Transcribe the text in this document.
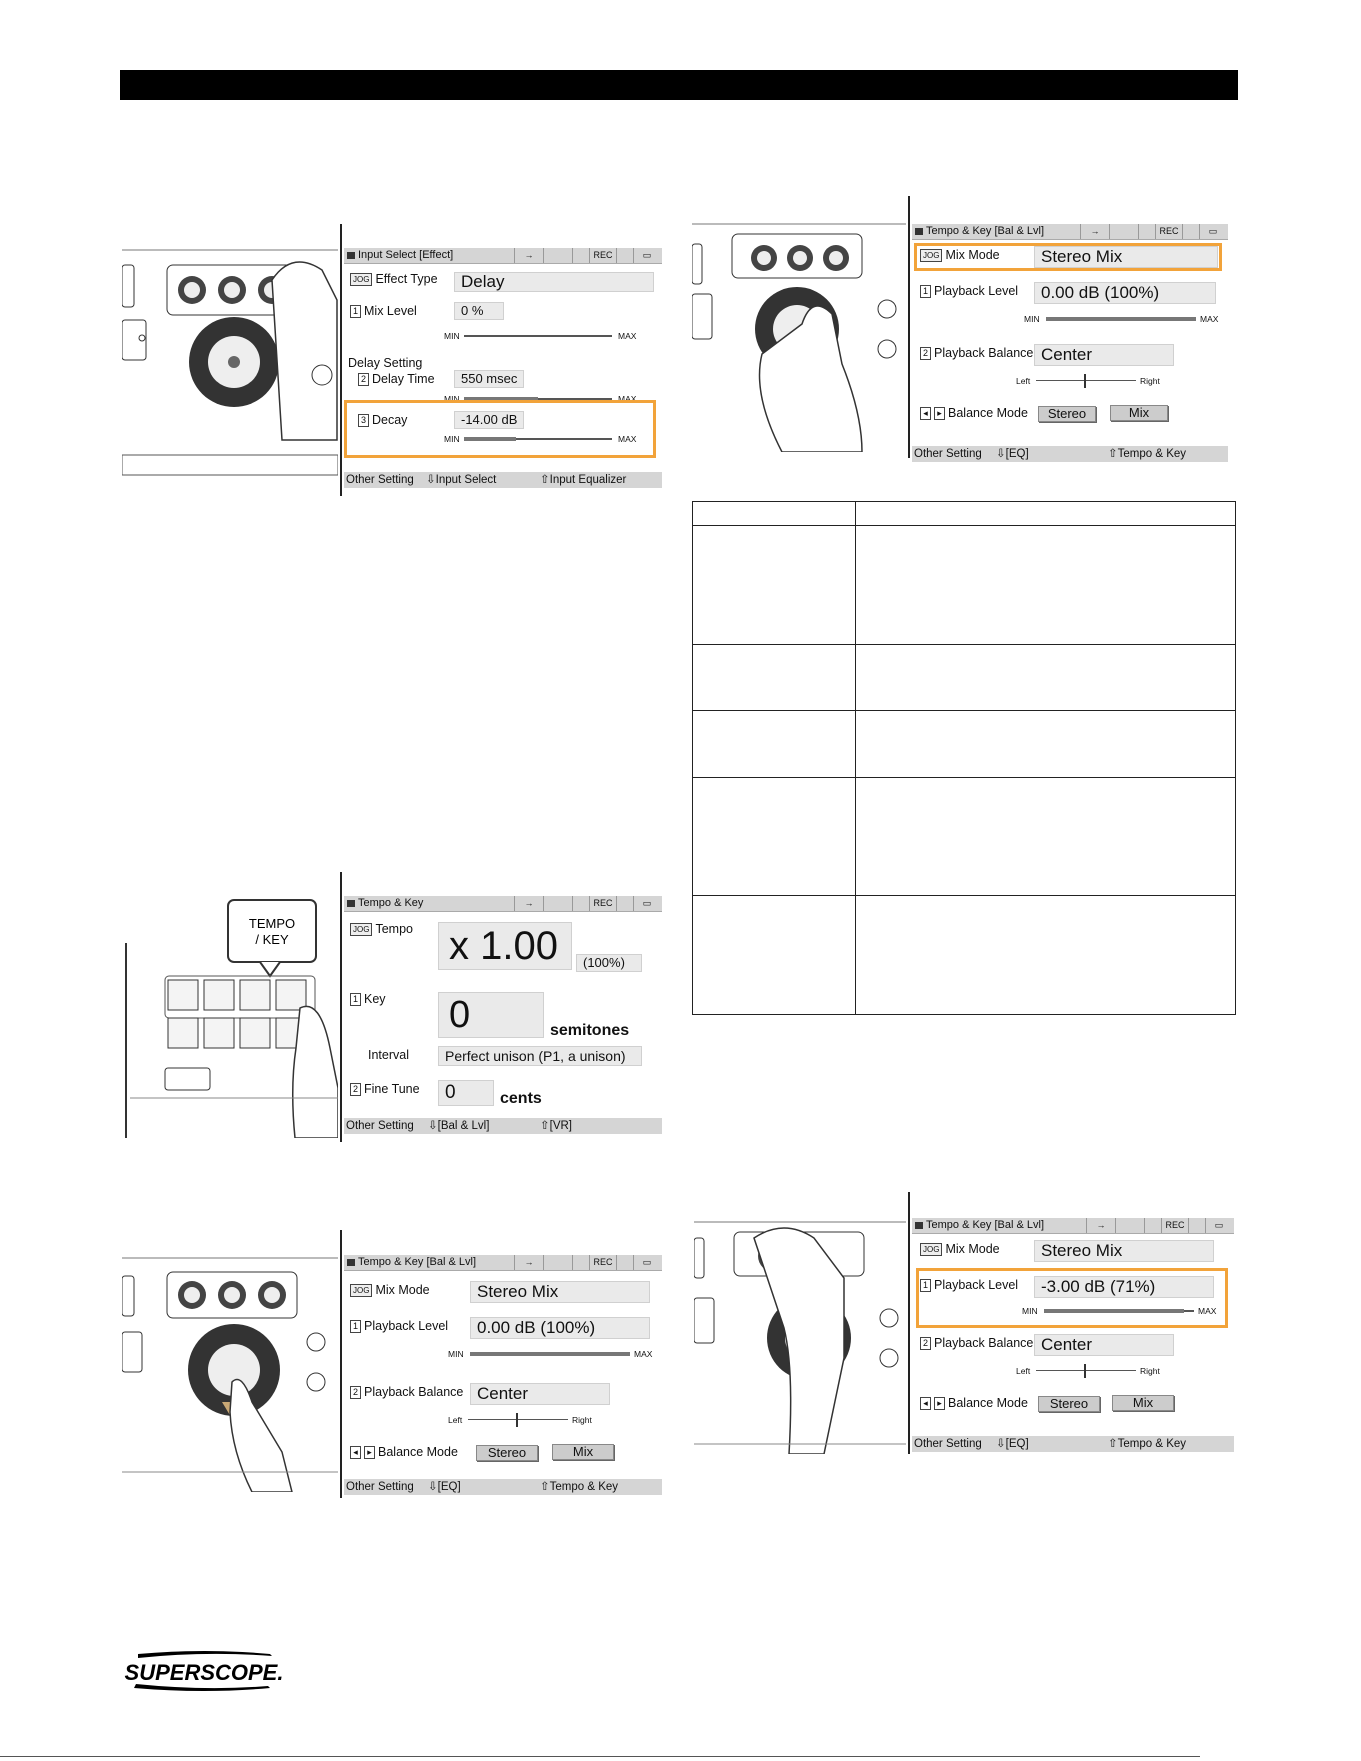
Input Select [Effect]	→	REC	▭
JOG Effect Type	Delay
1 Mix Level	0 %
MIN	MAX
Delay Setting
2 Delay Time	550 msec
MIN	MAX
3 Decay	-14.00 dB
MIN	MAX
Other Setting ⇩Input Select	⇧Input Equalizer
Tempo & Key [Bal & Lvl]	→	REC	▭
JOG Mix Mode	Stereo Mix
1 Playback Level	0.00 dB (100%)
MIN	MAX
2 Playback Balance Center
Left	Right
◂ ▸ Balance Mode	Stereo	Mix
Other Setting ⇩[EQ]	⇧Tempo & Key

TEMPO
/ KEY
Tempo & Key	→	REC	▭
JOG Tempo x 1.00	(100%)
1 Key 0	semitones
Interval	Perfect unison (P1, a unison)
2 Fine Tune	0	cents
Other Setting ⇩[Bal & Lvl]	⇧[VR]
Tempo & Key [Bal & Lvl]	→	REC	▭
JOG Mix Mode	Stereo Mix
1 Playback Level	0.00 dB (100%)
MIN	MAX
2 Playback Balance Center
Left	Right
◂ ▸ Balance Mode	Stereo	Mix
Other Setting ⇩[EQ]	⇧Tempo & Key
Tempo & Key [Bal & Lvl]	→	REC	▭
JOG Mix Mode	Stereo Mix
1 Playback Level	-3.00 dB (71%)
MIN	MAX
2 Playback Balance Center
Left	Right
◂ ▸ Balance Mode	Stereo	Mix
Other Setting ⇩[EQ]	⇧Tempo & Key
SUPERSCOPE.
